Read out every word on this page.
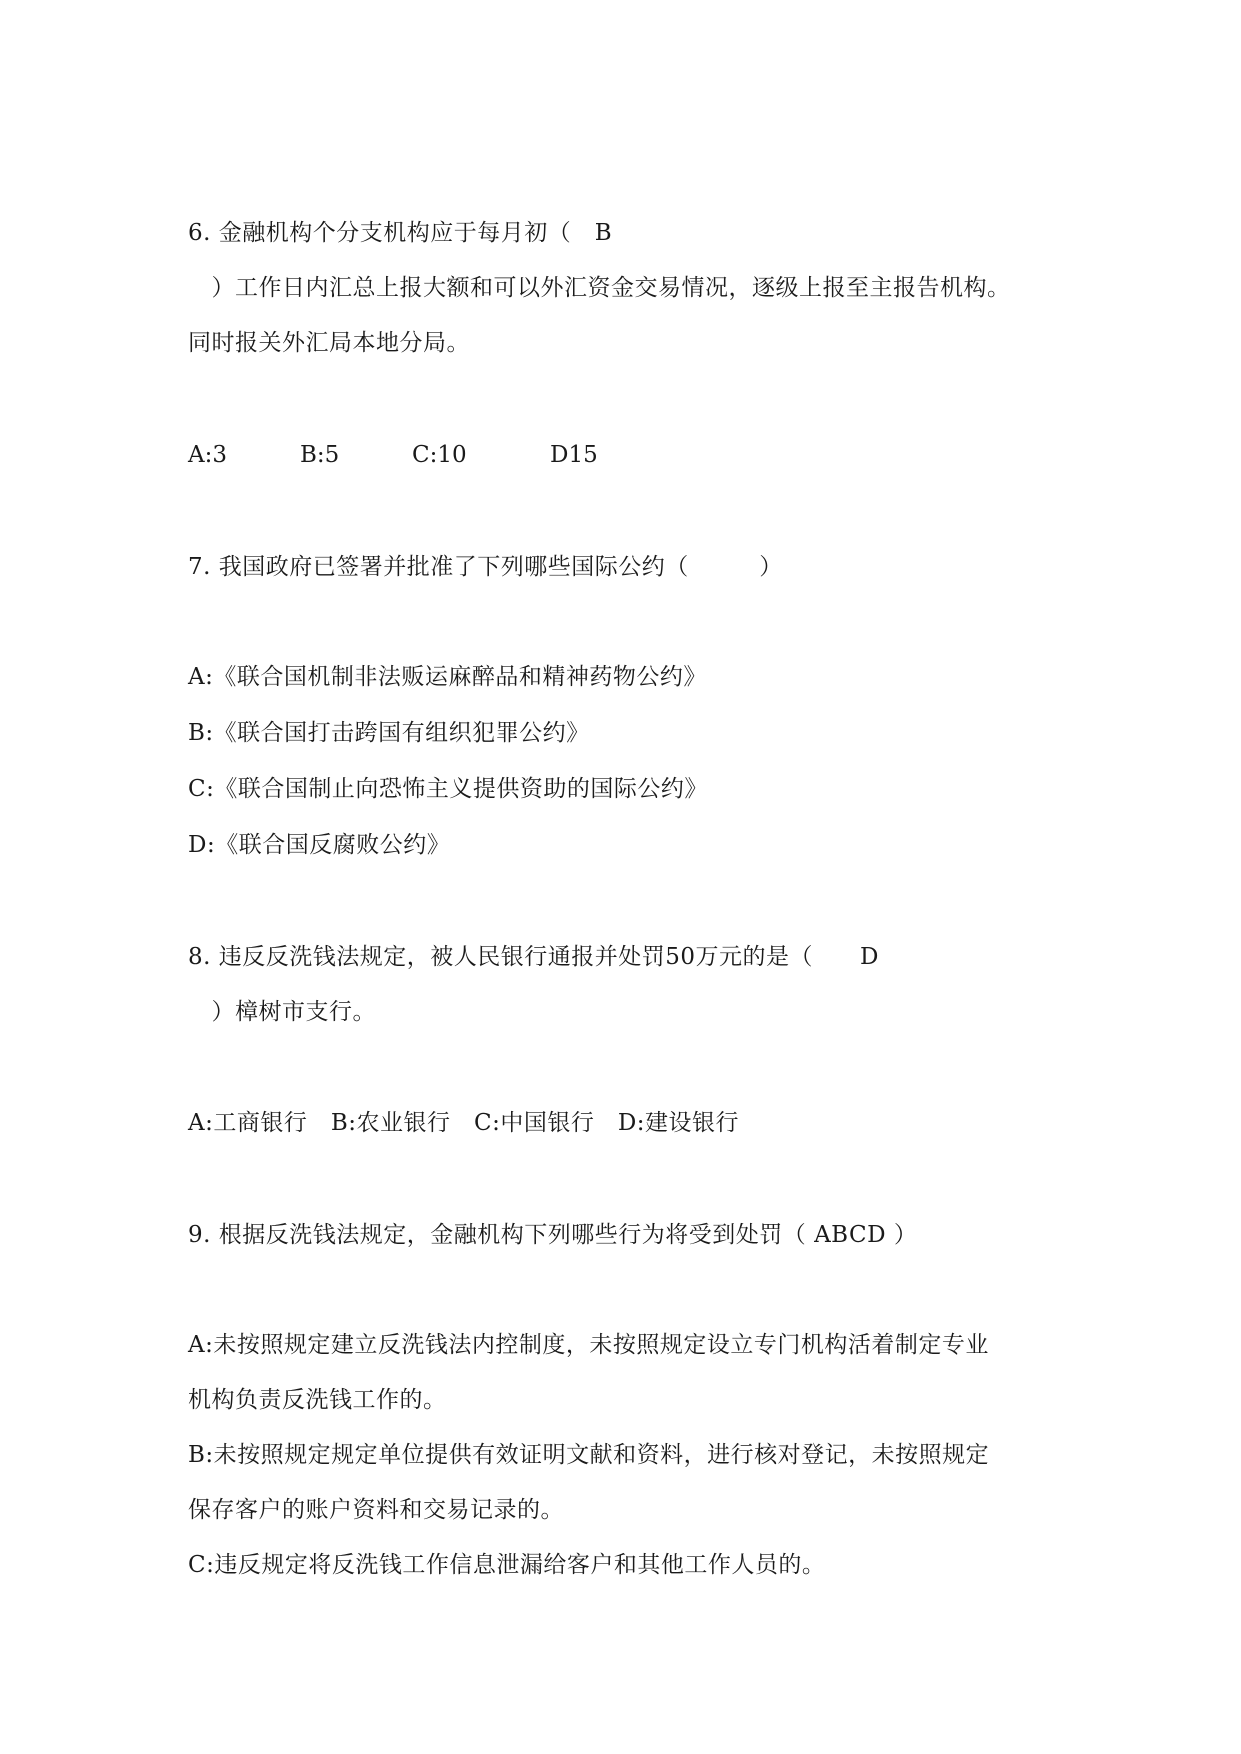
6. 金融机构个分支机构应于每月初（　B
　）工作日内汇总上报大额和可以外汇资金交易情况，逐级上报至主报告机构。
同时报关外汇局本地分局。
A:3	B:5	C:10	D15
7. 我国政府已签署并批准了下列哪些国际公约（　　　）
A:《联合国机制非法贩运麻醉品和精神药物公约》
B:《联合国打击跨国有组织犯罪公约》
C:《联合国制止向恐怖主义提供资助的国际公约》
D:《联合国反腐败公约》
8. 违反反洗钱法规定，被人民银行通报并处罚50万元的是（　　D
　）樟树市支行。
A:工商银行　B:农业银行　C:中国银行　D:建设银行
9. 根据反洗钱法规定，金融机构下列哪些行为将受到处罚（ ABCD ）
A:未按照规定建立反洗钱法内控制度，未按照规定设立专门机构活着制定专业
机构负责反洗钱工作的。
B:未按照规定规定单位提供有效证明文献和资料，进行核对登记，未按照规定
保存客户的账户资料和交易记录的。
C:违反规定将反洗钱工作信息泄漏给客户和其他工作人员的。
